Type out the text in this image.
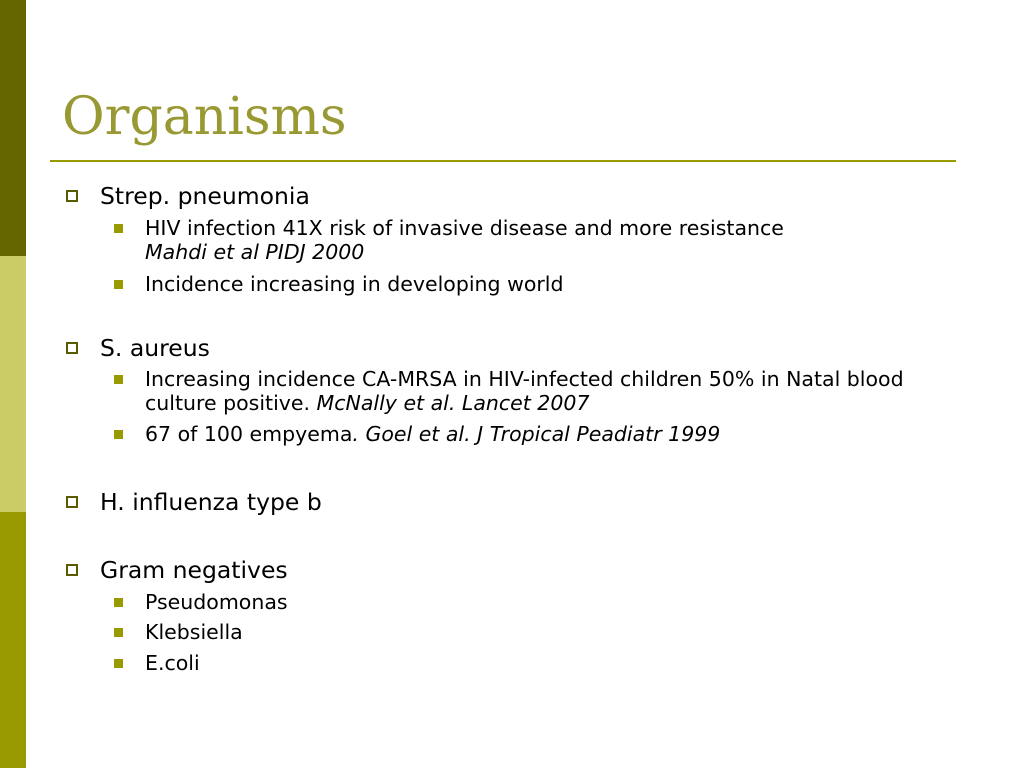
Organisms
Strep. pneumonia
HIV infection 41X risk of invasive disease and more resistance
Mahdi et al PIDJ 2000
Incidence increasing in developing world
S. aureus
Increasing incidence CA-MRSA in HIV-infected children 50% in Natal blood culture positive. McNally et al. Lancet 2007
67 of 100 empyema. Goel et al. J Tropical Peadiatr 1999
H. influenza type b
Gram negatives
Pseudomonas
Klebsiella
E.coli
